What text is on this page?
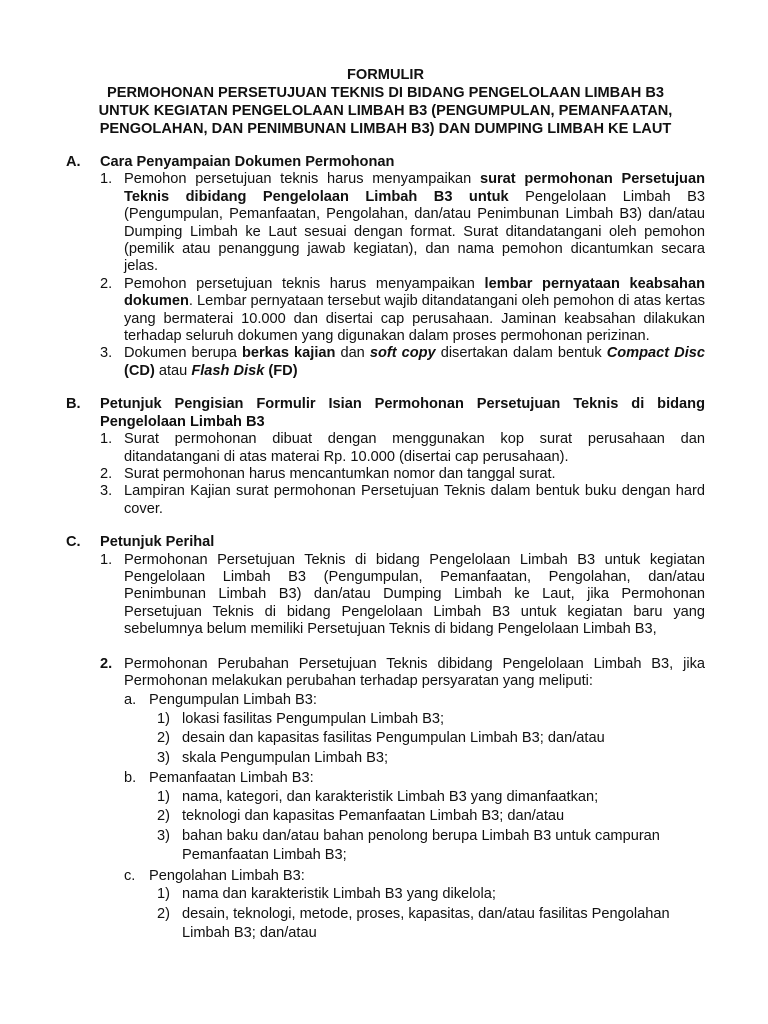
FORMULIR
PERMOHONAN PERSETUJUAN TEKNIS DI BIDANG PENGELOLAAN LIMBAH B3
UNTUK KEGIATAN PENGELOLAAN LIMBAH B3 (PENGUMPULAN, PEMANFAATAN,
PENGOLAHAN, DAN PENIMBUNAN LIMBAH B3) DAN DUMPING LIMBAH KE LAUT
A.	Cara Penyampaian Dokumen Permohonan
1. Pemohon persetujuan teknis harus menyampaikan surat permohonan Persetujuan Teknis dibidang Pengelolaan Limbah B3 untuk Pengelolaan Limbah B3 (Pengumpulan, Pemanfaatan, Pengolahan, dan/atau Penimbunan Limbah B3) dan/atau Dumping Limbah ke Laut sesuai dengan format. Surat ditandatangani oleh pemohon (pemilik atau penanggung jawab kegiatan), dan nama pemohon dicantumkan secara jelas.
2. Pemohon persetujuan teknis harus menyampaikan lembar pernyataan keabsahan dokumen. Lembar pernyataan tersebut wajib ditandatangani oleh pemohon di atas kertas yang bermaterai 10.000 dan disertai cap perusahaan. Jaminan keabsahan dilakukan terhadap seluruh dokumen yang digunakan dalam proses permohonan perizinan.
3. Dokumen berupa berkas kajian dan soft copy disertakan dalam bentuk Compact Disc (CD) atau Flash Disk (FD)
B.	Petunjuk Pengisian Formulir Isian Permohonan Persetujuan Teknis di bidang Pengelolaan Limbah B3
1. Surat permohonan dibuat dengan menggunakan kop surat perusahaan dan ditandatangani di atas materai Rp. 10.000 (disertai cap perusahaan).
2. Surat permohonan harus mencantumkan nomor dan tanggal surat.
3. Lampiran Kajian surat permohonan Persetujuan Teknis dalam bentuk buku dengan hard cover.
C.	Petunjuk Perihal
1. Permohonan Persetujuan Teknis di bidang Pengelolaan Limbah B3 untuk kegiatan Pengelolaan Limbah B3 (Pengumpulan, Pemanfaatan, Pengolahan, dan/atau Penimbunan Limbah B3) dan/atau Dumping Limbah ke Laut, jika Permohonan Persetujuan Teknis di bidang Pengelolaan Limbah B3 untuk kegiatan baru yang sebelumnya belum memiliki Persetujuan Teknis di bidang Pengelolaan Limbah B3,
2. Permohonan Perubahan Persetujuan Teknis dibidang Pengelolaan Limbah B3, jika Permohonan melakukan perubahan terhadap persyaratan yang meliputi:
a. Pengumpulan Limbah B3:
1) lokasi fasilitas Pengumpulan Limbah B3;
2) desain dan kapasitas fasilitas Pengumpulan Limbah B3; dan/atau
3) skala Pengumpulan Limbah B3;
b. Pemanfaatan Limbah B3:
1) nama, kategori, dan karakteristik Limbah B3 yang dimanfaatkan;
2) teknologi dan kapasitas Pemanfaatan Limbah B3; dan/atau
3) bahan baku dan/atau bahan penolong berupa Limbah B3 untuk campuran Pemanfaatan Limbah B3;
c. Pengolahan Limbah B3:
1) nama dan karakteristik Limbah B3 yang dikelola;
2) desain, teknologi, metode, proses, kapasitas, dan/atau fasilitas Pengolahan Limbah B3; dan/atau
